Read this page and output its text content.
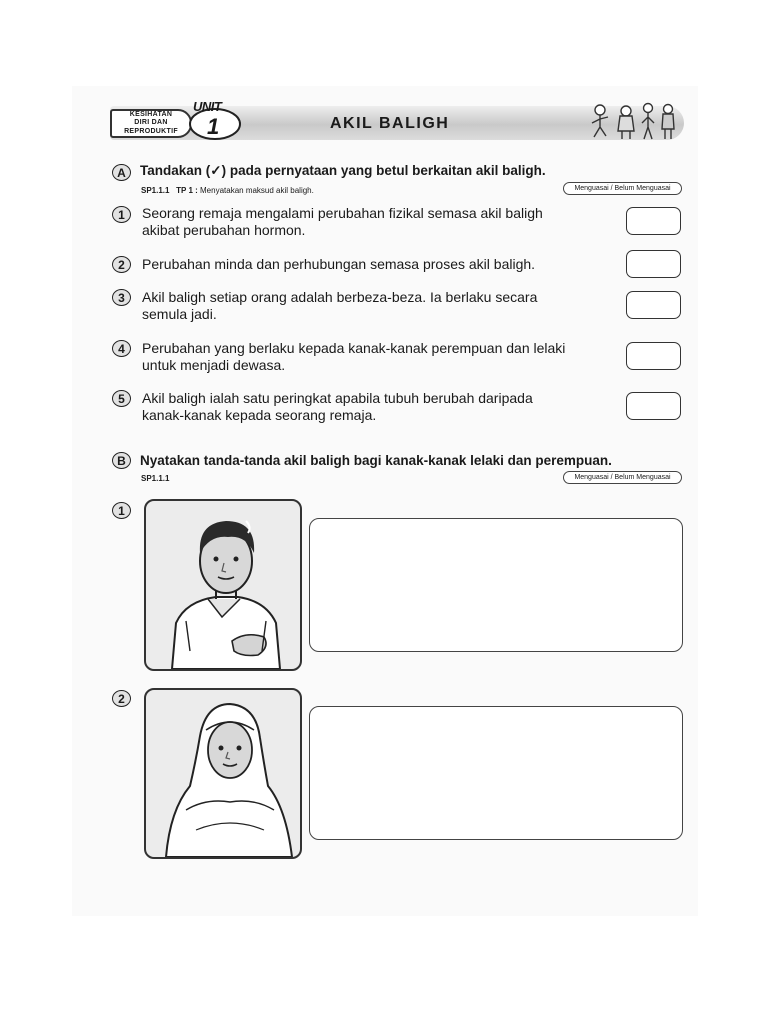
KESIHATAN
DIRI DAN
REPRODUKTIF
UNIT
1	AKIL BALIGH
A	Tandakan (✓) pada pernyataan yang betul berkaitan akil baligh.
SP1.1.1 TP 1 : Menyatakan maksud akil baligh.	Menguasai / Belum Menguasai
1	Seorang remaja mengalami perubahan fizikal semasa akil baligh
akibat perubahan hormon.
2	Perubahan minda dan perhubungan semasa proses akil baligh.
3	Akil baligh setiap orang adalah berbeza-beza. Ia berlaku secara
semula jadi.
4	Perubahan yang berlaku kepada kanak-kanak perempuan dan lelaki
untuk menjadi dewasa.
5	Akil baligh ialah satu peringkat apabila tubuh berubah daripada
kanak-kanak kepada seorang remaja.
B	Nyatakan tanda-tanda akil baligh bagi kanak-kanak lelaki dan perempuan.
SP1.1.1	Menguasai / Belum Menguasai
1
2
